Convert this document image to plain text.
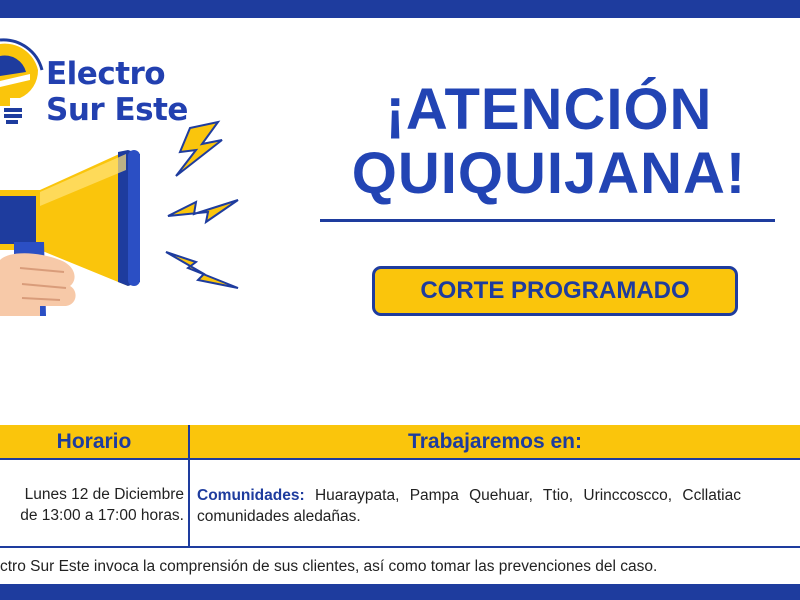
Electro
Sur Este	¡ATENCIÓN
QUIQUIJANA!
CORTE PROGRAMADO
Horario	Trabajaremos en:
Lunes 12 de Diciembre
de 13:00 a 17:00 horas.
Comunidades: Huaraypata, Pampa Quehuar, Ttio, Urinccoscco, Ccllatiac
comunidades aledañas.
ctro Sur Este invoca la comprensión de sus clientes, así como tomar las prevenciones del caso.
